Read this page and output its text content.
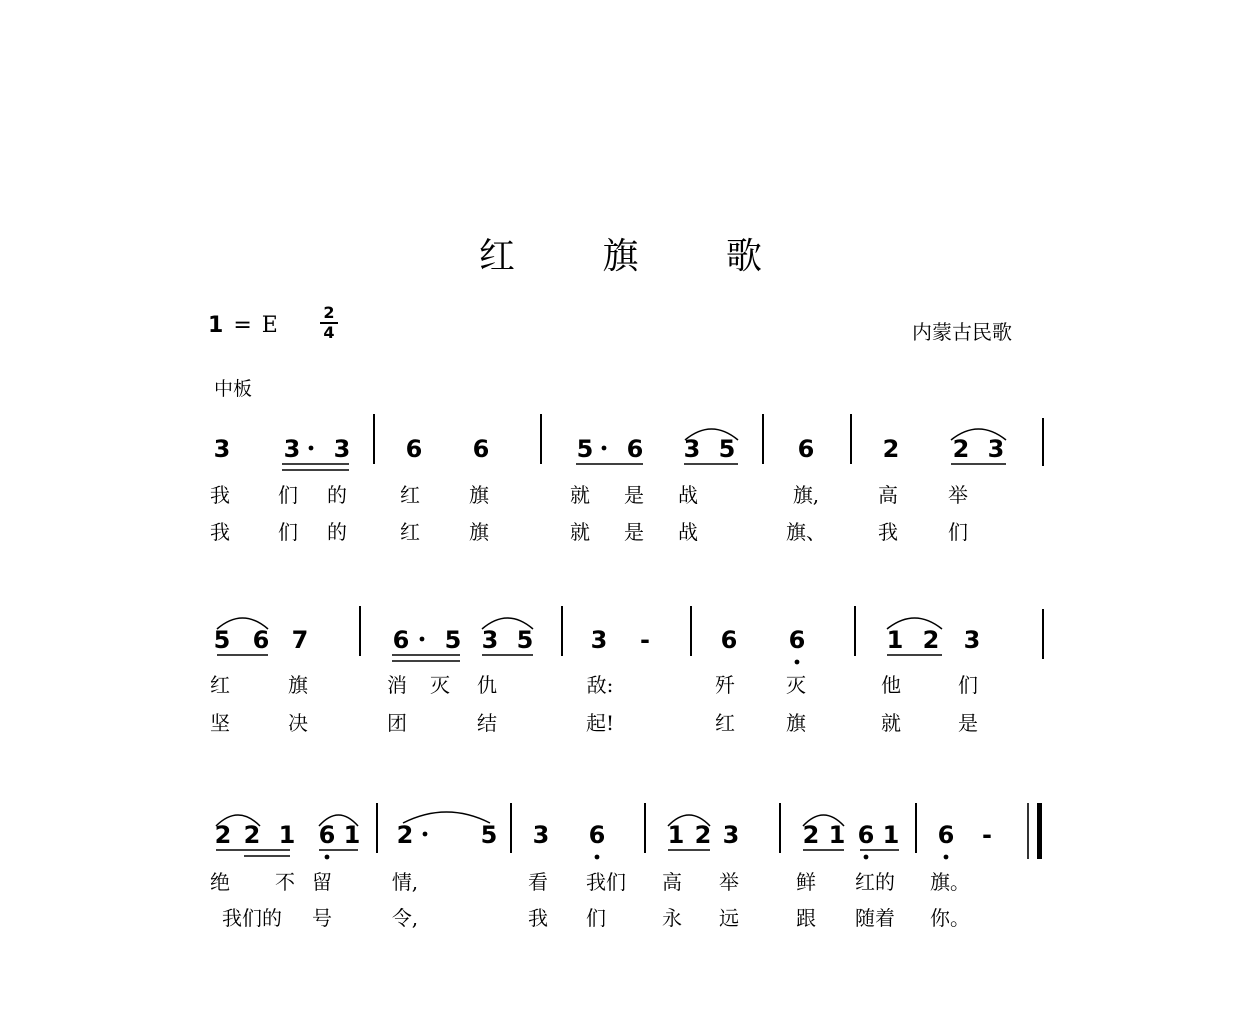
红 旗 歌
1 = E
2
4	内蒙古民歌
中板
3 3 3 6 6	5 6 3 5	6	2 2 3
我 们 的	红 旗	就 是 战	旗,	高	举
我 们 的	红 旗	就 是 战	旗、	我	们
5 6 7	6 5 3 5 3 -	6 6	1 2 3
红	旗	消 灭 仇	敌:	歼	灭	他	们
坚	决	团	结	起!	红	旗	就	是
2 2 1 6 1 2	5 3 6	1 2 3	2 1 6 1 6 -
绝 不 留	情,	看 我们 高 举	鲜 红的 旗。
我们的 号	令,	我 们	永 远	跟 随着 你。
